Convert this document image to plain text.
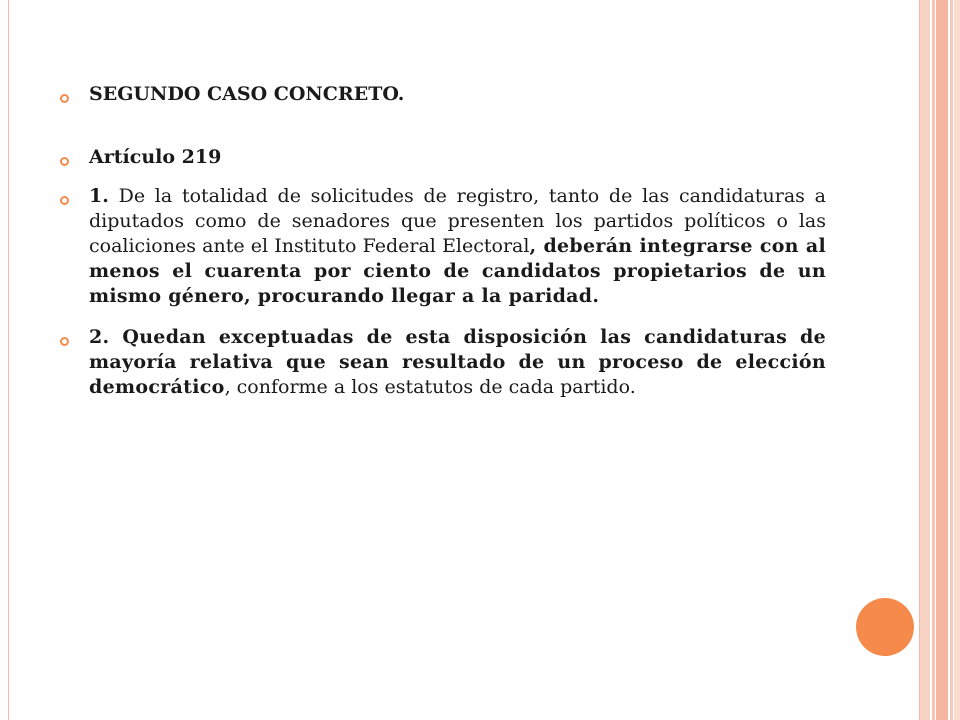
SEGUNDO CASO CONCRETO.

Artículo 219

1. De la totalidad de solicitudes de registro, tanto de las candidaturas a diputados como de senadores que presenten los partidos políticos o las coaliciones ante el Instituto Federal Electoral, deberán integrarse con al menos el cuarenta por ciento de candidatos propietarios de un mismo género, procurando llegar a la paridad.

2. Quedan exceptuadas de esta disposición las candidaturas de mayoría relativa que sean resultado de un proceso de elección democrático, conforme a los estatutos de cada partido.
